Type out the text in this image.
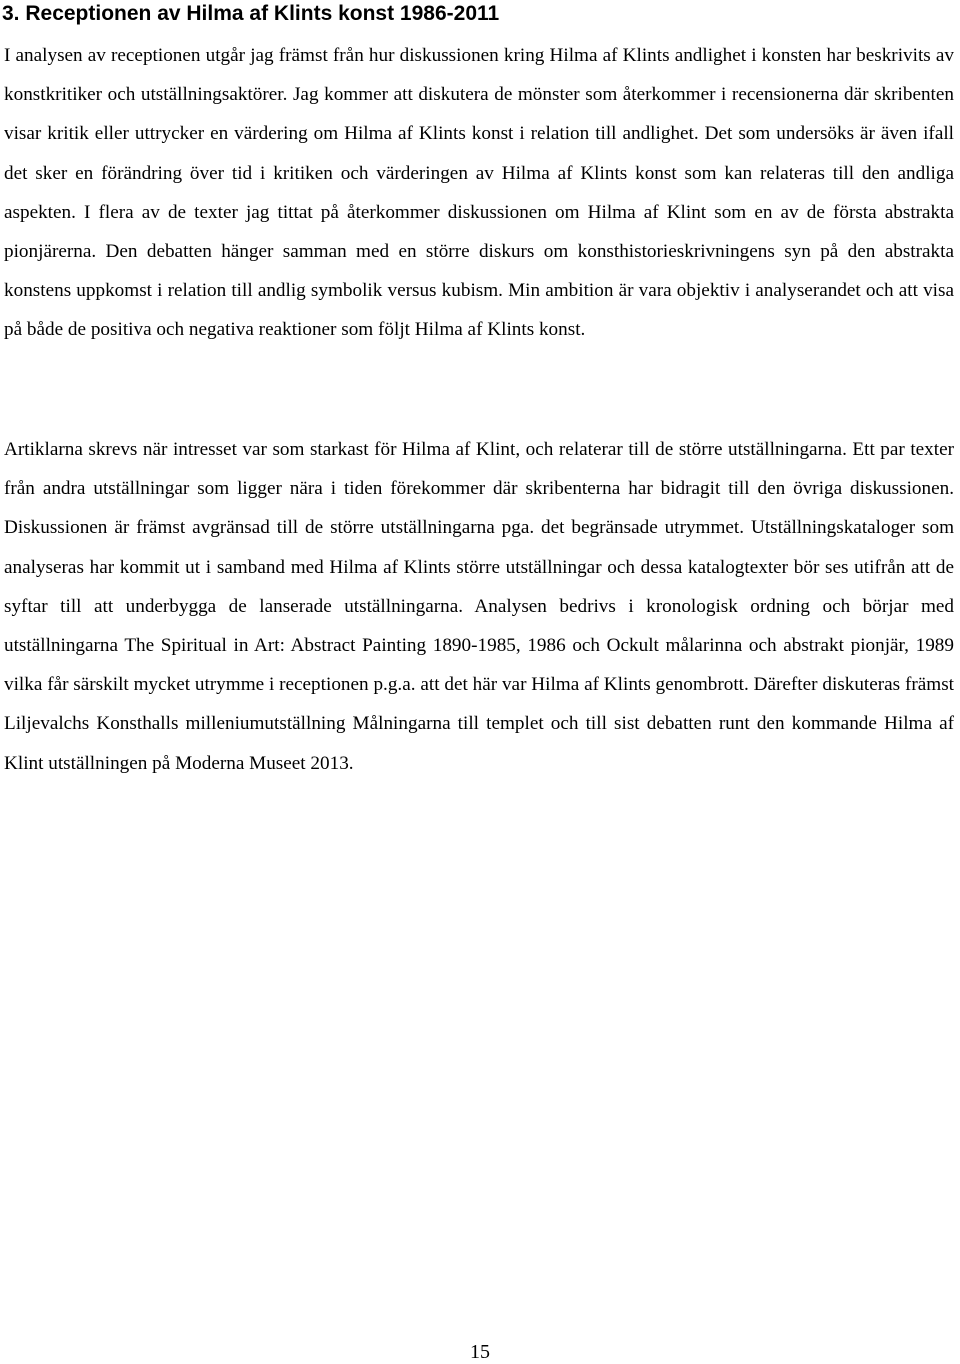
3. Receptionen av Hilma af Klints konst 1986-2011

I analysen av receptionen utgår jag främst från hur diskussionen kring Hilma af Klints andlighet i konsten har beskrivits av konstkritiker och utställningsaktörer. Jag kommer att diskutera de mönster som återkommer i recensionerna där skribenten visar kritik eller uttrycker en värdering om Hilma af Klints konst i relation till andlighet. Det som undersöks är även ifall det sker en förändring över tid i kritiken och värderingen av Hilma af Klints konst som kan relateras till den andliga aspekten. I flera av de texter jag tittat på återkommer diskussionen om Hilma af Klint som en av de första abstrakta pionjärerna. Den debatten hänger samman med en större diskurs om konsthistorieskrivningens syn på den abstrakta konstens uppkomst i relation till andlig symbolik versus kubism. Min ambition är vara objektiv i analyserandet och att visa på både de positiva och negativa reaktioner som följt Hilma af Klints konst.

Artiklarna skrevs när intresset var som starkast för Hilma af Klint, och relaterar till de större utställningarna. Ett par texter från andra utställningar som ligger nära i tiden förekommer där skribenterna har bidragit till den övriga diskussionen. Diskussionen är främst avgränsad till de större utställningarna pga. det begränsade utrymmet. Utställningskataloger som analyseras har kommit ut i samband med Hilma af Klints större utställningar och dessa katalogtexter bör ses utifrån att de syftar till att underbygga de lanserade utställningarna. Analysen bedrivs i kronologisk ordning och börjar med utställningarna The Spiritual in Art: Abstract Painting 1890-1985, 1986 och Ockult målarinna och abstrakt pionjär, 1989 vilka får särskilt mycket utrymme i receptionen p.g.a. att det här var Hilma af Klints genombrott. Därefter diskuteras främst Liljevalchs Konsthalls milleniumutställning Målningarna till templet och till sist debatten runt den kommande Hilma af Klint utställningen på Moderna Museet 2013.

15
